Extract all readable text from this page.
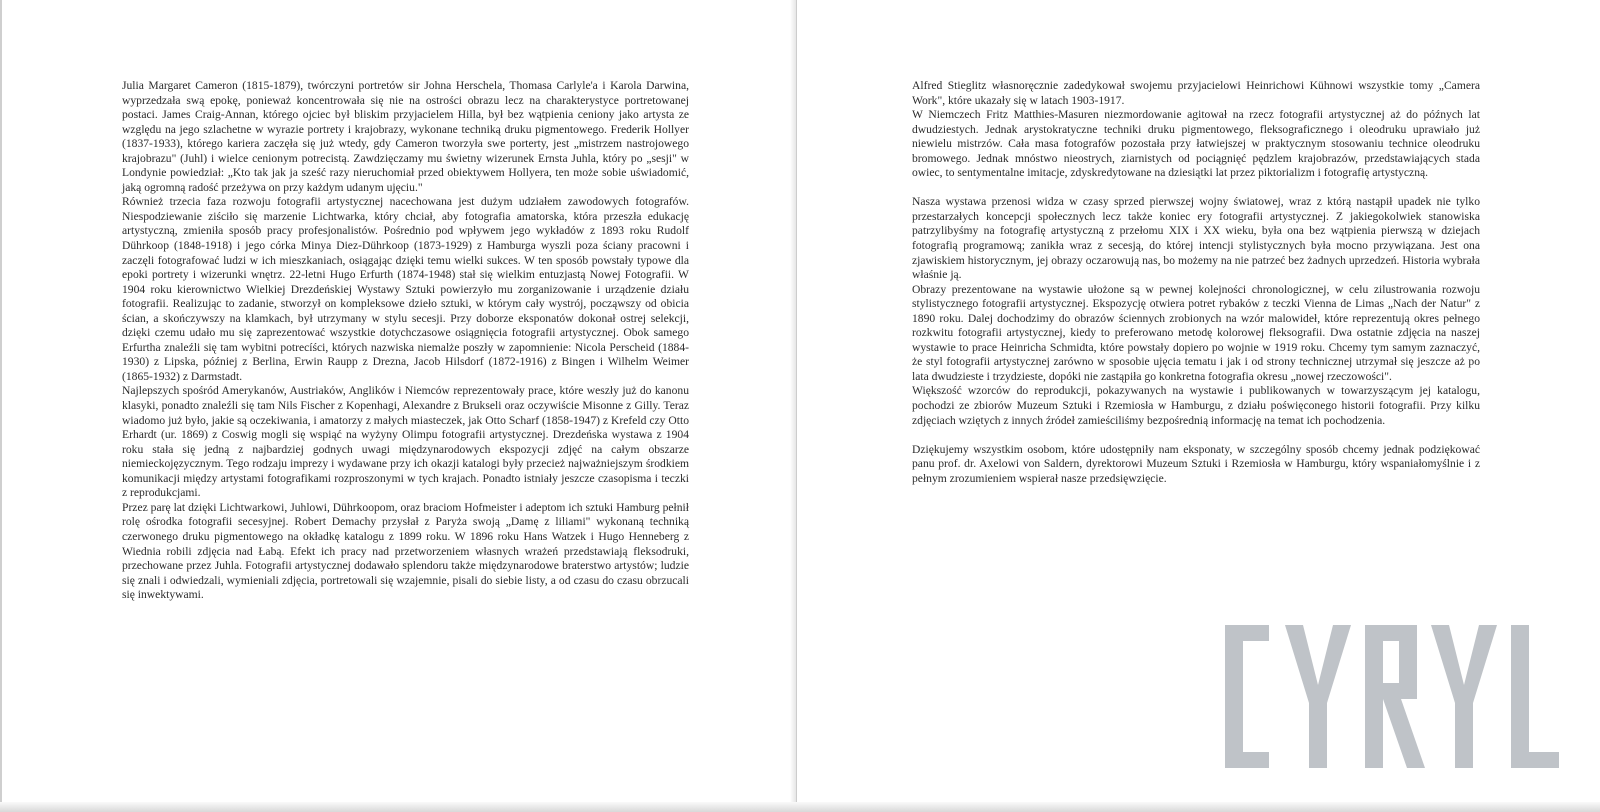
Julia Margaret Cameron (1815-1879), twórczyni portretów sir Johna Herschela, Thomasa Carlyle'a i Karola Darwina, wyprzedzała swą epokę, ponieważ koncentrowała się nie na ostrości obrazu lecz na charakterystyce portretowanej postaci. James Craig-Annan, którego ojciec był bliskim przyjacielem Hilla, był bez wątpienia ceniony jako artysta ze względu na jego szlachetne w wyrazie portrety i krajobrazy, wykonane techniką druku pigmentowego. Frederik Hollyer (1837-1933), którego kariera zaczęła się już wtedy, gdy Cameron tworzyła swe porterty, jest „mistrzem nastrojowego krajobrazu" (Juhl) i wielce cenionym potrecistą. Zawdzięczamy mu świetny wizerunek Ernsta Juhla, który po „sesji" w Londynie powiedział: „Kto tak jak ja sześć razy nieruchomiał przed obiektywem Hollyera, ten może sobie uświadomić, jaką ogromną radość przeżywa on przy każdym udanym ujęciu."

Również trzecia faza rozwoju fotografii artystycznej nacechowana jest dużym udziałem zawodowych fotografów. Niespodziewanie ziściło się marzenie Lichtwarka, który chciał, aby fotografia amatorska, która przeszła edukację artystyczną, zmieniła sposób pracy profesjonalistów. Pośrednio pod wpływem jego wykładów z 1893 roku Rudolf Dührkoop (1848-1918) i jego córka Minya Diez-Dührkoop (1873-1929) z Hamburga wyszli poza ściany pracowni i zaczęli fotografować ludzi w ich mieszkaniach, osiągając dzięki temu wielki sukces. W ten sposób powstały typowe dla epoki portrety i wizerunki wnętrz. 22-letni Hugo Erfurth (1874-1948) stał się wielkim entuzjastą Nowej Fotografii. W 1904 roku kierownictwo Wielkiej Drezdeńskiej Wystawy Sztuki powierzyło mu zorganizowanie i urządzenie działu fotografii. Realizując to zadanie, stworzył on kompleksowe dzieło sztuki, w którym cały wystrój, począwszy od obicia ścian, a skończywszy na klamkach, był utrzymany w stylu secesji. Przy doborze eksponatów dokonał ostrej selekcji, dzięki czemu udało mu się zaprezentować wszystkie dotychczasowe osiągnięcia fotografii artystycznej. Obok samego Erfurtha znaleźli się tam wybitni potrecíści, których nazwiska niemalże poszły w zapomnienie: Nicola Perscheid (1884-1930) z Lipska, później z Berlina, Erwin Raupp z Drezna, Jacob Hilsdorf (1872-1916) z Bingen i Wilhelm Weimer (1865-1932) z Darmstadt.

Najlepszych spośród Amerykanów, Austriaków, Anglików i Niemców reprezentowały prace, które weszły już do kanonu klasyki, ponadto znaleźli się tam Nils Fischer z Kopenhagi, Alexandre z Brukseli oraz oczywiście Misonne z Gilly. Teraz wiadomo już było, jakie są oczekiwania, i amatorzy z małych miasteczek, jak Otto Scharf (1858-1947) z Krefeld czy Otto Erhardt (ur. 1869) z Coswig mogli się wspiąć na wyżyny Olimpu fotografii artystycznej. Drezdeńska wystawa z 1904 roku stała się jedną z najbardziej godnych uwagi międzynarodowych ekspozycji zdjęć na całym obszarze niemieckojęzycznym. Tego rodzaju imprezy i wydawane przy ich okazji katalogi były przecież najważniejszym środkiem komunikacji między artystami fotografikami rozproszonymi w tych krajach. Ponadto istniały jeszcze czasopisma i teczki z reprodukcjami.

Przez parę lat dzięki Lichtwarkowi, Juhlowi, Dührkoopom, oraz braciom Hofmeister i adeptom ich sztuki Hamburg pełnił rolę ośrodka fotografii secesyjnej. Robert Demachy przysłał z Paryża swoją „Damę z liliami" wykonaną techniką czerwonego druku pigmentowego na okładkę katalogu z 1899 roku. W 1896 roku Hans Watzek i Hugo Henneberg z Wiednia robili zdjęcia nad Łabą. Efekt ich pracy nad przetworzeniem własnych wrażeń przedstawiają fleksodruki, przechowane przez Juhla. Fotografii artystycznej dodawało splendoru także międzynarodowe braterstwo artystów; ludzie się znali i odwiedzali, wymieniali zdjęcia, portretowali się wzajemnie, pisali do siebie listy, a od czasu do czasu obrzucali się inwektywami.

Alfred Stieglitz własnoręcznie zadedykował swojemu przyjacielowi Heinrichowi Kühnowi wszystkie tomy „Camera Work", które ukazały się w latach 1903-1917.

W Niemczech Fritz Matthies-Masuren niezmordowanie agitował na rzecz fotografii artystycznej aż do późnych lat dwudziestych. Jednak arystokratyczne techniki druku pigmentowego, fleksograficznego i oleodruku uprawiało już niewielu mistrzów. Cała masa fotografów pozostała przy łatwiejszej w praktycznym stosowaniu technice oleodruku bromowego. Jednak mnóstwo nieostrych, ziarnistych od pociągnięć pędzlem krajobrazów, przedstawiających stada owiec, to sentymentalne imitacje, zdyskredytowane na dziesiątki lat przez piktorializm i fotografię artystyczną.

Nasza wystawa przenosi widza w czasy sprzed pierwszej wojny światowej, wraz z którą nastąpił upadek nie tylko przestarzałych koncepcji społecznych lecz także koniec ery fotografii artystycznej. Z jakiegokolwiek stanowiska patrzylibyśmy na fotografię artystyczną z przełomu XIX i XX wieku, była ona bez wątpienia pierwszą w dziejach fotografią programową; zanikła wraz z secesją, do której intencji stylistycznych była mocno przywiązana. Jest ona zjawiskiem historycznym, jej obrazy oczarowują nas, bo możemy na nie patrzeć bez żadnych uprzedzeń. Historia wybrała właśnie ją.

Obrazy prezentowane na wystawie ułożone są w pewnej kolejności chronologicznej, w celu zilustrowania rozwoju stylistycznego fotografii artystycznej. Ekspozycję otwiera potret rybaków z teczki Vienna de Limas „Nach der Natur" z 1890 roku. Dalej dochodzimy do obrazów ściennych zrobionych na wzór malowideł, które reprezentują okres pełnego rozkwitu fotografii artystycznej, kiedy to preferowano metodę kolorowej fleksografii. Dwa ostatnie zdjęcia na naszej wystawie to prace Heinricha Schmidta, które powstały dopiero po wojnie w 1919 roku. Chcemy tym samym zaznaczyć, że styl fotografii artystycznej zarówno w sposobie ujęcia tematu i jak i od strony technicznej utrzymał się jeszcze aż po lata dwudzieste i trzydzieste, dopóki nie zastąpiła go konkretna fotografia okresu „nowej rzeczowości".

Większość wzorców do reprodukcji, pokazywanych na wystawie i publikowanych w towarzyszącym jej katalogu, pochodzi ze zbiorów Muzeum Sztuki i Rzemiosła w Hamburgu, z działu poświęconego historii fotografii. Przy kilku zdjęciach wziętych z innych źródeł zamieściliśmy bezpośrednią informację na temat ich pochodzenia.

Dziękujemy wszystkim osobom, które udostępniły nam eksponaty, w szczególny sposób chcemy jednak podziękować panu prof. dr. Axelowi von Saldern, dyrektorowi Muzeum Sztuki i Rzemiosła w Hamburgu, który wspaniałomyślnie i z pełnym zrozumieniem wspierał nasze przedsięwzięcie.
